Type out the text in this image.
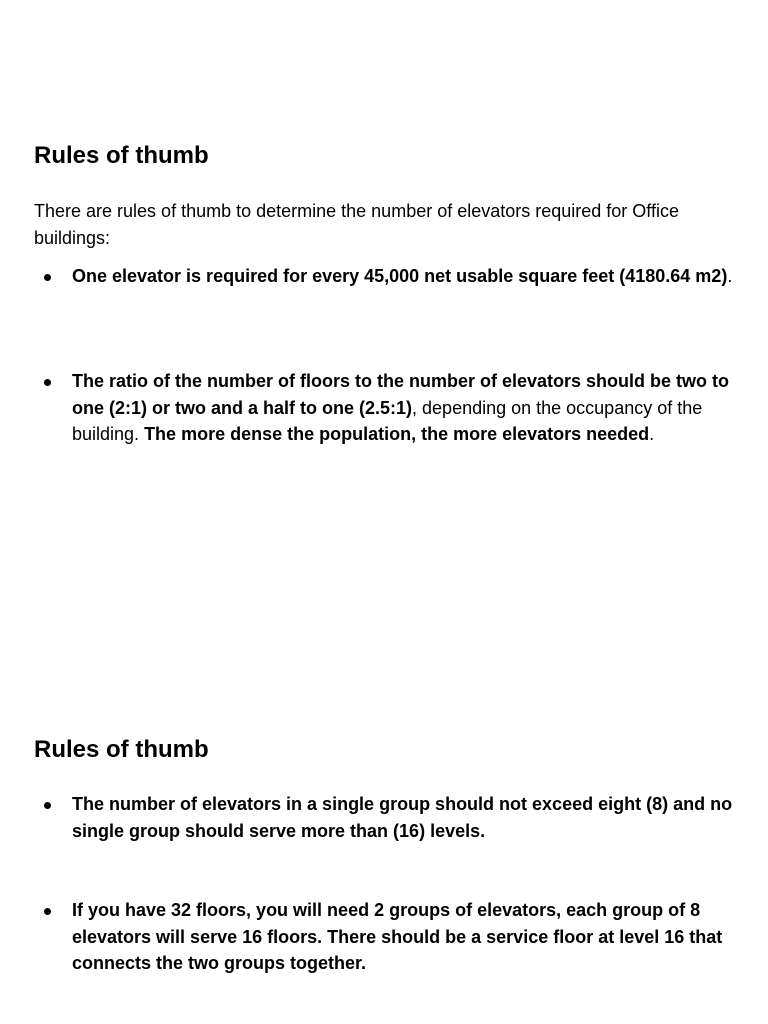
Rules of thumb

There are rules of thumb to determine the number of elevators required for Office buildings:

One elevator is required for every 45,000 net usable square feet (4180.64 m2).
The ratio of the number of floors to the number of elevators should be two to one (2:1) or two and a half to one (2.5:1), depending on the occupancy of the building. The more dense the population, the more elevators needed.
Rules of thumb
The number of elevators in a single group should not exceed eight (8) and no single group should serve more than (16) levels.
If you have 32 floors, you will need 2 groups of elevators, each group of 8 elevators will serve 16 floors. There should be a service floor at level 16 that connects the two groups together.
